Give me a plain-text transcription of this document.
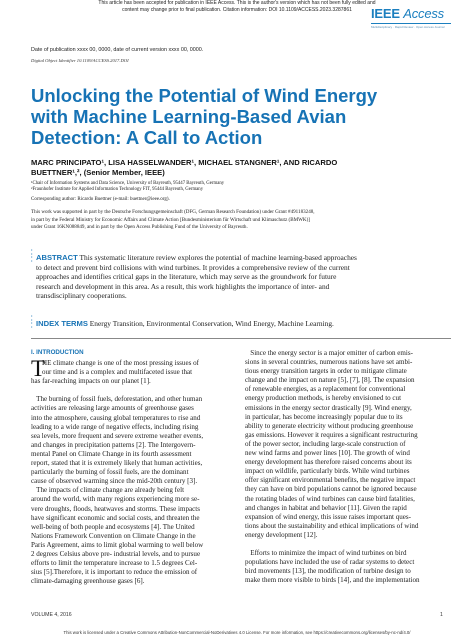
This article has been accepted for publication in IEEE Access. This is the author's version which has not been fully edited and
content may change prior to final publication. Citation information: DOI 10.1109/ACCESS.2023.3287861	IEEE Access
Multidisciplinary · Rapid Review · Open Access Journal
Date of publication xxxx 00, 0000, date of current version xxxx 00, 0000.
Digital Object Identifier 10.1109/ACCESS.2017.DOI
Unlocking the Potential of Wind Energy
with Machine Learning-Based Avian
Detection: A Call to Action
MARC PRINCIPATO¹, LISA HASSELWANDER¹, MICHAEL STANGNER¹, AND RICARDO
BUETTNER¹,², (Senior Member, IEEE)
¹Chair of Information Systems and Data Science, University of Bayreuth, 95447 Bayreuth, Germany
²Fraunhofer Institute for Applied Information Technology FIT, 95444 Bayreuth, Germany
Corresponding author: Ricardo Buettner (e-mail: buettner@ieee.org).
This work was supported in part by the Deutsche Forschungsgemeinschaft (DFG, German Research Foundation) under Grant #491183248,
in part by the Federal Ministry for Economic Affairs and Climate Action [Bundesministerium für Wirtschaft und Klimaschutz (BMWK)]
under Grant 16KN088849, and in part by the Open Access Publishing Fund of the University of Bayreuth.
•
•
•
• ABSTRACT This systematic literature review explores the potential of machine learning-based approaches
to detect and prevent bird collisions with wind turbines. It provides a comprehensive review of the current
approaches and identifies critical gaps in the literature, which may serve as the groundwork for future
research and development in this area. As a result, this work highlights the importance of inter- and
transdisciplinary cooperations.
•
•
•
• INDEX TERMS Energy Transition, Environmental Conservation, Wind Energy, Machine Learning.
I. INTRODUCTION
T
HE climate change is one of the most pressing issues of
our time and is a complex and multifaceted issue that
has far-reaching impacts on our planet [1].
The burning of fossil fuels, deforestation, and other human
activities are releasing large amounts of greenhouse gases
into the atmosphere, causing global temperatures to rise and
leading to a wide range of negative effects, including rising
sea levels, more frequent and severe extreme weather events,
and changes in precipitation patterns [2]. The Intergovern-
mental Panel on Climate Change in its fourth assessment
report, stated that it is extremely likely that human activities,
particularly the burning of fossil fuels, are the dominant
cause of observed warming since the mid-20th century [3].
The impacts of climate change are already being felt
around the world, with many regions experiencing more se-
vere droughts, floods, heatwaves and storms. These impacts
have significant economic and social costs, and threaten the
well-being of both people and ecosystems [4]. The United
Nations Framework Convention on Climate Change in the
Paris Agreement, aims to limit global warming to well below
2 degrees Celsius above pre- industrial levels, and to pursue
efforts to limit the temperature increase to 1.5 degrees Cel-
sius [5].Therefore, it is important to reduce the emission of
climate-damaging greenhouse gases [6].
Since the energy sector is a major emitter of carbon emis-
sions in several countries, numerous nations have set ambi-
tious energy transition targets in order to mitigate climate
change and the impact on nature [5], [7], [8]. The expansion
of renewable energies, as a replacement for conventional
energy production methods, is hereby envisioned to cut
emissions in the energy sector drastically [9]. Wind energy,
in particular, has become increasingly popular due to its
ability to generate electricity without producing greenhouse
gas emissions. However it requires a significant restructuring
of the power sector, including large-scale construction of
new wind farms and power lines [10]. The growth of wind
energy development has therefore raised concerns about its
impact on wildlife, particularly birds. While wind turbines
offer significant environmental benefits, the negative impact
they can have on bird populations cannot be ignored because
the rotating blades of wind turbines can cause bird fatalities,
and changes in habitat and behavior [11]. Given the rapid
expansion of wind energy, this issue raises important ques-
tions about the sustainability and ethical implications of wind
energy development [12].
Efforts to minimize the impact of wind turbines on bird
populations have included the use of radar systems to detect
bird movements [13], the modification of turbine design to
make them more visible to birds [14], and the implementation
VOLUME 4, 2016	1
This work is licensed under a Creative Commons Attribution-NonCommercial-NoDerivatives 4.0 License. For more information, see https://creativecommons.org/licenses/by-nc-nd/4.0/
